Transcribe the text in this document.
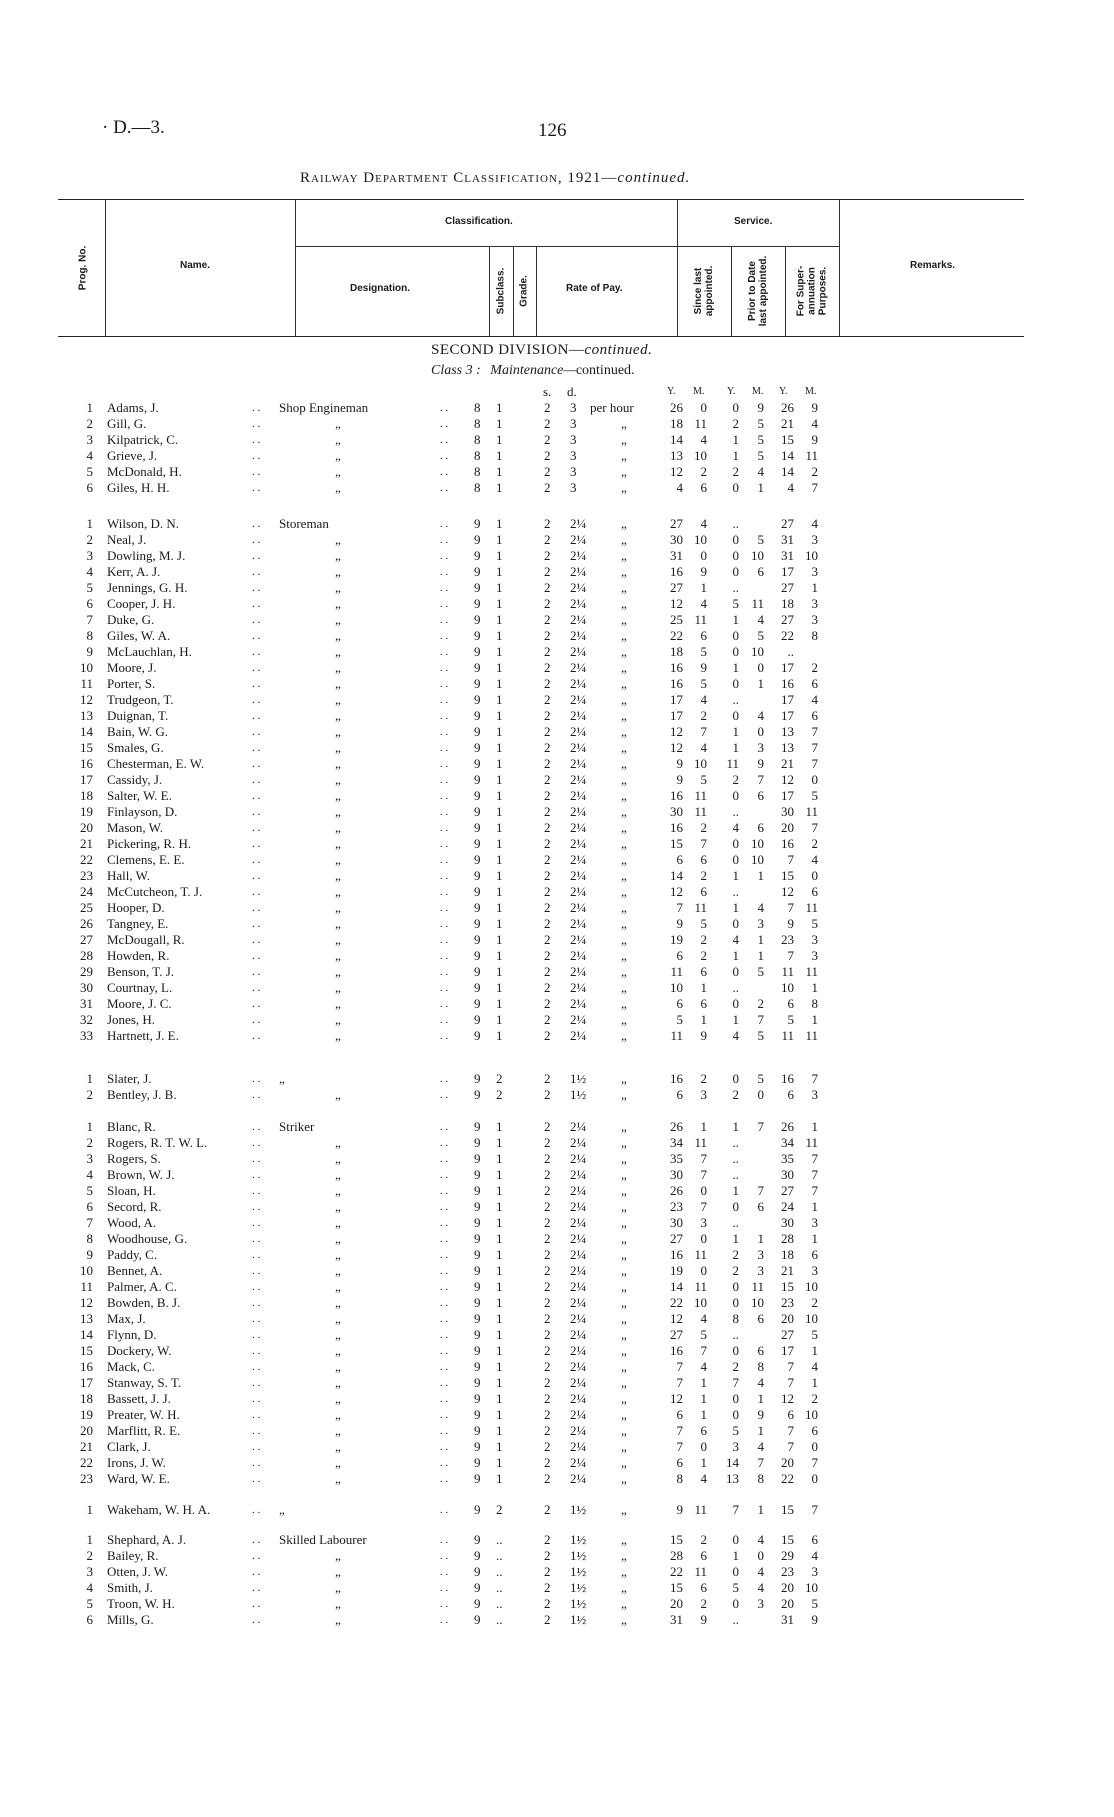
· D.—3.	126
Railway Department Classification, 1921—continued.
Prog. No.	Name.
Classification.	Service.
Remarks.
Designation.	Subclass. Grade.	Rate of Pay.	Since last appointed.	Prior to Date last appointed.	For Super-annuation Purposes.
SECOND DIVISION—continued.
Class 3 : Maintenance—continued.
s. d.	Y. M. Y. M. Y. M.
1 Adams, J.	. . Shop Engineman	. . 8 1	2 3 per hour	26 0 0 9 26 9
2 Gill, G.	. .	„	. . 8 1	2 3	„	18 11 2 5 21 4
3 Kilpatrick, C.	. .	„	. . 8 1	2 3	„	14 4 1 5 15 9
4 Grieve, J.	. .	„	. . 8 1	2 3	„	13 10 1 5 14 11
5 McDonald, H.	. .	„	. . 8 1	2 3	„	12 2 2 4 14 2
6 Giles, H. H.	. .	„	. . 8 1	2 3	„	4 6 0 1 4 7
1 Wilson, D. N.	. . Storeman	. . 9 1	2 2¼	„	27 4 ..	27 4
2 Neal, J.	. .	„	. . 9 1	2 2¼	„	30 10 0 5 31 3
3 Dowling, M. J.	. .	„	. . 9 1	2 2¼	„	31 0 0 10 31 10
4 Kerr, A. J.	. .	„	. . 9 1	2 2¼	„	16 9 0 6 17 3
5 Jennings, G. H.	. .	„	. . 9 1	2 2¼	„	27 1 ..	27 1
6 Cooper, J. H.	. .	„	. . 9 1	2 2¼	„	12 4 5 11 18 3
7 Duke, G.	. .	„	. . 9 1	2 2¼	„	25 11 1 4 27 3
8 Giles, W. A.	. .	„	. . 9 1	2 2¼	„	22 6 0 5 22 8
9 McLauchlan, H.	. .	„	. . 9 1	2 2¼	„	18 5 0 10 ..
10 Moore, J.	. .	„	. . 9 1	2 2¼	„	16 9 1 0 17 2
11 Porter, S.	. .	„	. . 9 1	2 2¼	„	16 5 0 1 16 6
12 Trudgeon, T.	. .	„	. . 9 1	2 2¼	„	17 4 ..	17 4
13 Duignan, T.	. .	„	. . 9 1	2 2¼	„	17 2 0 4 17 6
14 Bain, W. G.	. .	„	. . 9 1	2 2¼	„	12 7 1 0 13 7
15 Smales, G.	. .	„	. . 9 1	2 2¼	„	12 4 1 3 13 7
16 Chesterman, E. W.	. .	„	. . 9 1	2 2¼	„	9 10 11 9 21 7
17 Cassidy, J.	. .	„	. . 9 1	2 2¼	„	9 5 2 7 12 0
18 Salter, W. E.	. .	„	. . 9 1	2 2¼	„	16 11 0 6 17 5
19 Finlayson, D.	. .	„	. . 9 1	2 2¼	„	30 11 ..	30 11
20 Mason, W.	. .	„	. . 9 1	2 2¼	„	16 2 4 6 20 7
21 Pickering, R. H.	. .	„	. . 9 1	2 2¼	„	15 7 0 10 16 2
22 Clemens, E. E.	. .	„	. . 9 1	2 2¼	„	6 6 0 10 7 4
23 Hall, W.	. .	„	. . 9 1	2 2¼	„	14 2 1 1 15 0
24 McCutcheon, T. J.	. .	„	. . 9 1	2 2¼	„	12 6 ..	12 6
25 Hooper, D.	. .	„	. . 9 1	2 2¼	„	7 11 1 4 7 11
26 Tangney, E.	. .	„	. . 9 1	2 2¼	„	9 5 0 3 9 5
27 McDougall, R.	. .	„	. . 9 1	2 2¼	„	19 2 4 1 23 3
28 Howden, R.	. .	„	. . 9 1	2 2¼	„	6 2 1 1 7 3
29 Benson, T. J.	. .	„	. . 9 1	2 2¼	„	11 6 0 5 11 11
30 Courtnay, L.	. .	„	. . 9 1	2 2¼	„	10 1 ..	10 1
31 Moore, J. C.	. .	„	. . 9 1	2 2¼	„	6 6 0 2 6 8
32 Jones, H.	. .	„	. . 9 1	2 2¼	„	5 1 1 7 5 1
33 Hartnett, J. E.	. .	„	. . 9 1	2 2¼	„	11 9 4 5 11 11
1 Slater, J.	. . „	. . 9 2	2 1½	„	16 2 0 5 16 7
2 Bentley, J. B.	. .	„	. . 9 2	2 1½	„	6 3 2 0 6 3
1 Blanc, R.	. . Striker	. . 9 1	2 2¼	„	26 1 1 7 26 1
2 Rogers, R. T. W. L.	. .	„	. . 9 1	2 2¼	„	34 11 ..	34 11
3 Rogers, S.	. .	„	. . 9 1	2 2¼	„	35 7 ..	35 7
4 Brown, W. J.	. .	„	. . 9 1	2 2¼	„	30 7 ..	30 7
5 Sloan, H.	. .	„	. . 9 1	2 2¼	„	26 0 1 7 27 7
6 Secord, R.	. .	„	. . 9 1	2 2¼	„	23 7 0 6 24 1
7 Wood, A.	. .	„	. . 9 1	2 2¼	„	30 3 ..	30 3
8 Woodhouse, G.	. .	„	. . 9 1	2 2¼	„	27 0 1 1 28 1
9 Paddy, C.	. .	„	. . 9 1	2 2¼	„	16 11 2 3 18 6
10 Bennet, A.	. .	„	. . 9 1	2 2¼	„	19 0 2 3 21 3
11 Palmer, A. C.	. .	„	. . 9 1	2 2¼	„	14 11 0 11 15 10
12 Bowden, B. J.	. .	„	. . 9 1	2 2¼	„	22 10 0 10 23 2
13 Max, J.	. .	„	. . 9 1	2 2¼	„	12 4 8 6 20 10
14 Flynn, D.	. .	„	. . 9 1	2 2¼	„	27 5 ..	27 5
15 Dockery, W.	. .	„	. . 9 1	2 2¼	„	16 7 0 6 17 1
16 Mack, C.	. .	„	. . 9 1	2 2¼	„	7 4 2 8 7 4
17 Stanway, S. T.	. .	„	. . 9 1	2 2¼	„	7 1 7 4 7 1
18 Bassett, J. J.	. .	„	. . 9 1	2 2¼	„	12 1 0 1 12 2
19 Preater, W. H.	. .	„	. . 9 1	2 2¼	„	6 1 0 9 6 10
20 Marflitt, R. E.	. .	„	. . 9 1	2 2¼	„	7 6 5 1 7 6
21 Clark, J.	. .	„	. . 9 1	2 2¼	„	7 0 3 4 7 0
22 Irons, J. W.	. .	„	. . 9 1	2 2¼	„	6 1 14 7 20 7
23 Ward, W. E.	. .	„	. . 9 1	2 2¼	„	8 4 13 8 22 0
1 Wakeham, W. H. A.	. . „	. . 9 2	2 1½	„	9 11 7 1 15 7
1 Shephard, A. J.	. . Skilled Labourer	. . 9 ..	2 1½	„	15 2 0 4 15 6
2 Bailey, R.	. .	„	. . 9 ..	2 1½	„	28 6 1 0 29 4
3 Otten, J. W.	. .	„	. . 9 ..	2 1½	„	22 11 0 4 23 3
4 Smith, J.	. .	„	. . 9 ..	2 1½	„	15 6 5 4 20 10
5 Troon, W. H.	. .	„	. . 9 ..	2 1½	„	20 2 0 3 20 5
6 Mills, G.	. .	„	. . 9 ..	2 1½	„	31 9 ..	31 9
